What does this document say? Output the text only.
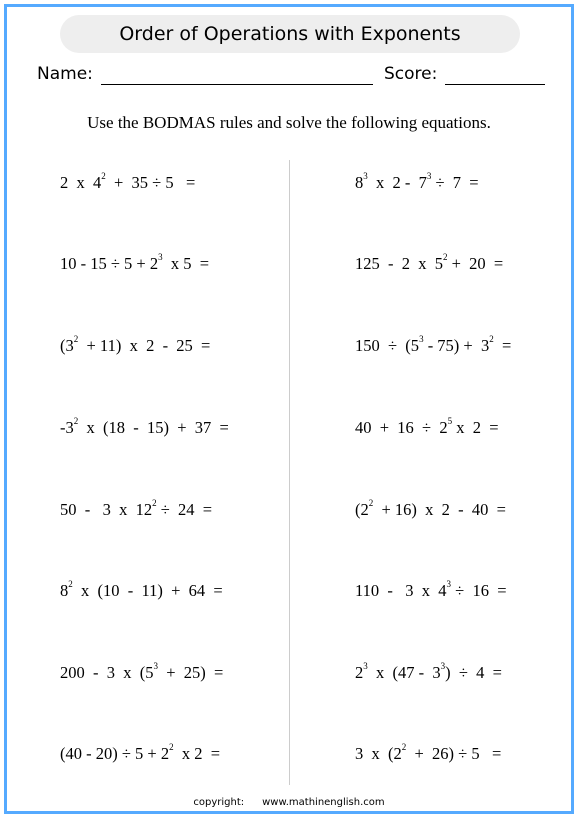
Order of Operations with Exponents
Name:	Score:
Use the BODMAS rules and solve the following equations.
2  x  $4^2 + 35 \div 5$   =
$10 - 15 \div 5 + 2^3$  x 5  =
$(3^2 + 11)$  x  2  -  25  =
$-3^2$  x  (18  -  15)  +  37  =
50  -   3  x  $12^2 \div 24$  =
$8^2$  x  (10  -  11)  +  64  =
200  -  3  x  $(5^3 + 25)$  =
$(40 - 20) \div 5 + 2^2$  x 2  =
$8^3$  x  $2 - 7^3 \div 7$  =
125  -  2  x  $5^2 + 20$  =
$150 \div (5^3 - 75) + 3^2$  =
$40 + 16 \div 2^5$ x  2  =
$(2^2 + 16)$  x  2  -  40  =
110  -   3  x  $4^3 \div 16$  =
$2^3$  x  $(47 - 3^3) \div 4$  =
3  x  $(2^2 + 26) \div 5$   =
copyright: www.mathinenglish.com
